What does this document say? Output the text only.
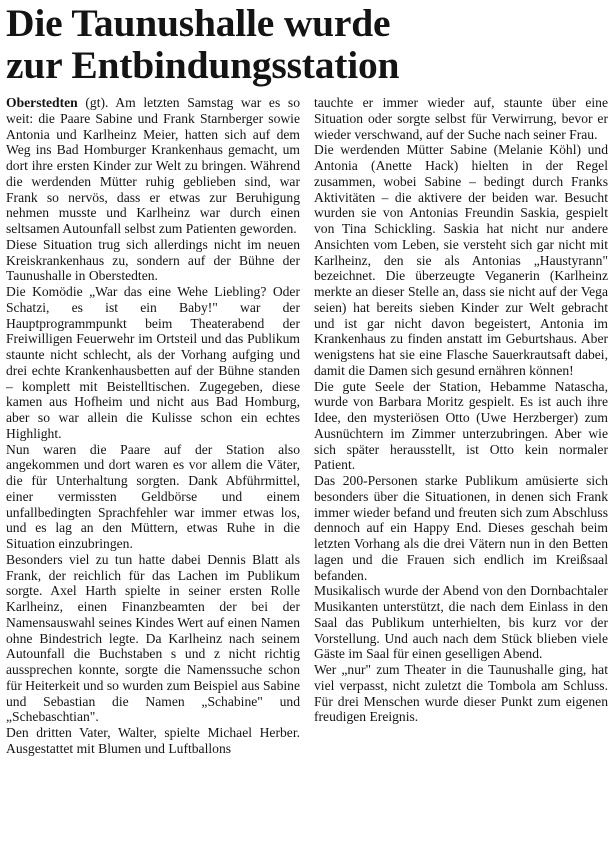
Die Taunushalle wurde
zur Entbindungsstation

Oberstedten (gt). Am letzten Samstag war es so weit: die Paare Sabine und Frank Starnberger sowie Antonia und Karlheinz Meier, hatten sich auf dem Weg ins Bad Homburger Krankenhaus gemacht, um dort ihre ersten Kinder zur Welt zu bringen. Während die werdenden Mütter ruhig geblieben sind, war Frank so nervös, dass er etwas zur Beruhigung nehmen musste und Karlheinz war durch einen seltsamen Autounfall selbst zum Patienten geworden.

Diese Situation trug sich allerdings nicht im neuen Kreiskrankenhaus zu, sondern auf der Bühne der Taunushalle in Oberstedten.

Die Komödie „War das eine Wehe Liebling? Oder Schatzi, es ist ein Baby!" war der Hauptprogrammpunkt beim Theaterabend der Freiwilligen Feuerwehr im Ortsteil und das Publikum staunte nicht schlecht, als der Vorhang aufging und drei echte Krankenhausbetten auf der Bühne standen – komplett mit Beistelltischen. Zugegeben, diese kamen aus Hofheim und nicht aus Bad Homburg, aber so war allein die Kulisse schon ein echtes Highlight.

Nun waren die Paare auf der Station also angekommen und dort waren es vor allem die Väter, die für Unterhaltung sorgten. Dank Abführmittel, einer vermissten Geldbörse und einem unfallbedingten Sprachfehler war immer etwas los, und es lag an den Müttern, etwas Ruhe in die Situation einzubringen.

Besonders viel zu tun hatte dabei Dennis Blatt als Frank, der reichlich für das Lachen im Publikum sorgte. Axel Harth spielte in seiner ersten Rolle Karlheinz, einen Finanzbeamten der bei der Namensauswahl seines Kindes Wert auf einen Namen ohne Bindestrich legte. Da Karlheinz nach seinem Autounfall die Buchstaben s und z nicht richtig aussprechen konnte, sorgte die Namenssuche schon für Heiterkeit und so wurden zum Beispiel aus Sabine und Sebastian die Namen „Schabine" und „Schebaschtian".

Den dritten Vater, Walter, spielte Michael Herber. Ausgestattet mit Blumen und Luftballons

tauchte er immer wieder auf, staunte über eine Situation oder sorgte selbst für Verwirrung, bevor er wieder verschwand, auf der Suche nach seiner Frau.

Die werdenden Mütter Sabine (Melanie Köhl) und Antonia (Anette Hack) hielten in der Regel zusammen, wobei Sabine – bedingt durch Franks Aktivitäten – die aktivere der beiden war. Besucht wurden sie von Antonias Freundin Saskia, gespielt von Tina Schickling. Saskia hat nicht nur andere Ansichten vom Leben, sie versteht sich gar nicht mit Karlheinz, den sie als Antonias „Haustyrann" bezeichnet. Die überzeugte Veganerin (Karlheinz merkte an dieser Stelle an, dass sie nicht auf der Vega seien) hat bereits sieben Kinder zur Welt gebracht und ist gar nicht davon begeistert, Antonia im Krankenhaus zu finden anstatt im Geburtshaus. Aber wenigstens hat sie eine Flasche Sauerkrautsaft dabei, damit die Damen sich gesund ernähren können!

Die gute Seele der Station, Hebamme Natascha, wurde von Barbara Moritz gespielt. Es ist auch ihre Idee, den mysteriösen Otto (Uwe Herzberger) zum Ausnüchtern im Zimmer unterzubringen. Aber wie sich später herausstellt, ist Otto kein normaler Patient.

Das 200-Personen starke Publikum amüsierte sich besonders über die Situationen, in denen sich Frank immer wieder befand und freuten sich zum Abschluss dennoch auf ein Happy End. Dieses geschah beim letzten Vorhang als die drei Vätern nun in den Betten lagen und die Frauen sich endlich im Kreißsaal befanden.

Musikalisch wurde der Abend von den Dornbachtaler Musikanten unterstützt, die nach dem Einlass in den Saal das Publikum unterhielten, bis kurz vor der Vorstellung. Und auch nach dem Stück blieben viele Gäste im Saal für einen geselligen Abend.

Wer „nur" zum Theater in die Taunushalle ging, hat viel verpasst, nicht zuletzt die Tombola am Schluss. Für drei Menschen wurde dieser Punkt zum eigenen freudigen Ereignis.
